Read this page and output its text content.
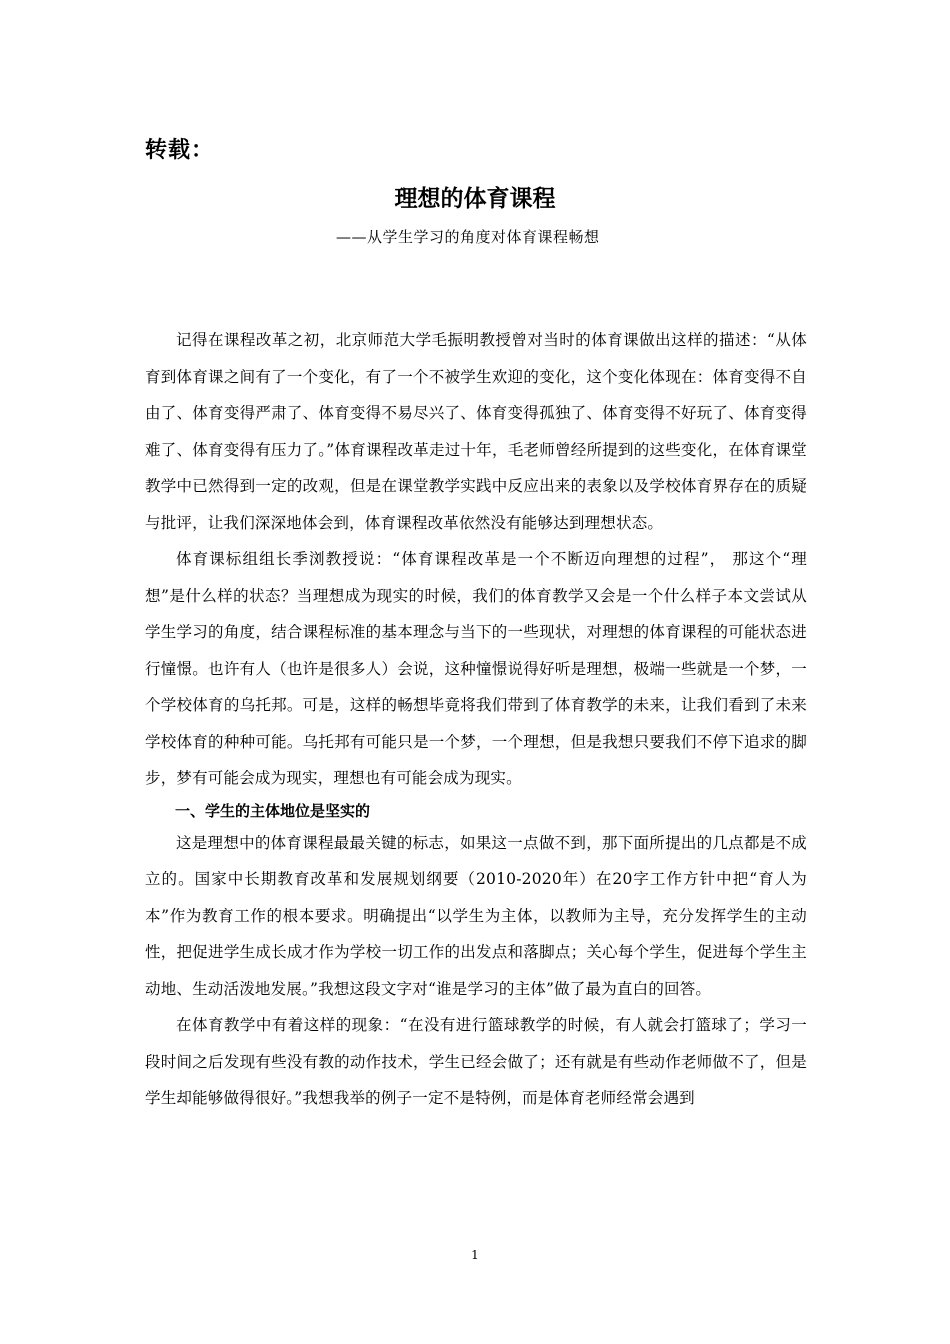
转载：
理想的体育课程
——从学生学习的角度对体育课程畅想

记得在课程改革之初，北京师范大学毛振明教授曾对当时的体育课做出这样的描述：“从体育到体育课之间有了一个变化，有了一个不被学生欢迎的变化，这个变化体现在：体育变得不自由了、体育变得严肃了、体育变得不易尽兴了、体育变得孤独了、体育变得不好玩了、体育变得难了、体育变得有压力了。”体育课程改革走过十年，毛老师曾经所提到的这些变化，在体育课堂教学中已然得到一定的改观，但是在课堂教学实践中反应出来的表象以及学校体育界存在的质疑与批评，让我们深深地体会到，体育课程改革依然没有能够达到理想状态。

体育课标组组长季浏教授说：“体育课程改革是一个不断迈向理想的过程”， 那这个“理想”是什么样的状态？当理想成为现实的时候，我们的体育教学又会是一个什么样子本文尝试从学生学习的角度，结合课程标准的基本理念与当下的一些现状，对理想的体育课程的可能状态进行憧憬。也许有人（也许是很多人）会说，这种憧憬说得好听是理想，极端一些就是一个梦，一个学校体育的乌托邦。可是，这样的畅想毕竟将我们带到了体育教学的未来，让我们看到了未来学校体育的种种可能。乌托邦有可能只是一个梦，一个理想，但是我想只要我们不停下追求的脚步，梦有可能会成为现实，理想也有可能会成为现实。

一、学生的主体地位是坚实的

这是理想中的体育课程最最关键的标志，如果这一点做不到，那下面所提出的几点都是不成立的。国家中长期教育改革和发展规划纲要（2010-2020年）在20字工作方针中把“育人为本”作为教育工作的根本要求。明确提出“以学生为主体，以教师为主导，充分发挥学生的主动性，把促进学生成长成才作为学校一切工作的出发点和落脚点；关心每个学生，促进每个学生主动地、生动活泼地发展。”我想这段文字对“谁是学习的主体”做了最为直白的回答。

在体育教学中有着这样的现象：“在没有进行篮球教学的时候，有人就会打篮球了；学习一段时间之后发现有些没有教的动作技术，学生已经会做了；还有就是有些动作老师做不了，但是学生却能够做得很好。”我想我举的例子一定不是特例，而是体育老师经常会遇到

1
